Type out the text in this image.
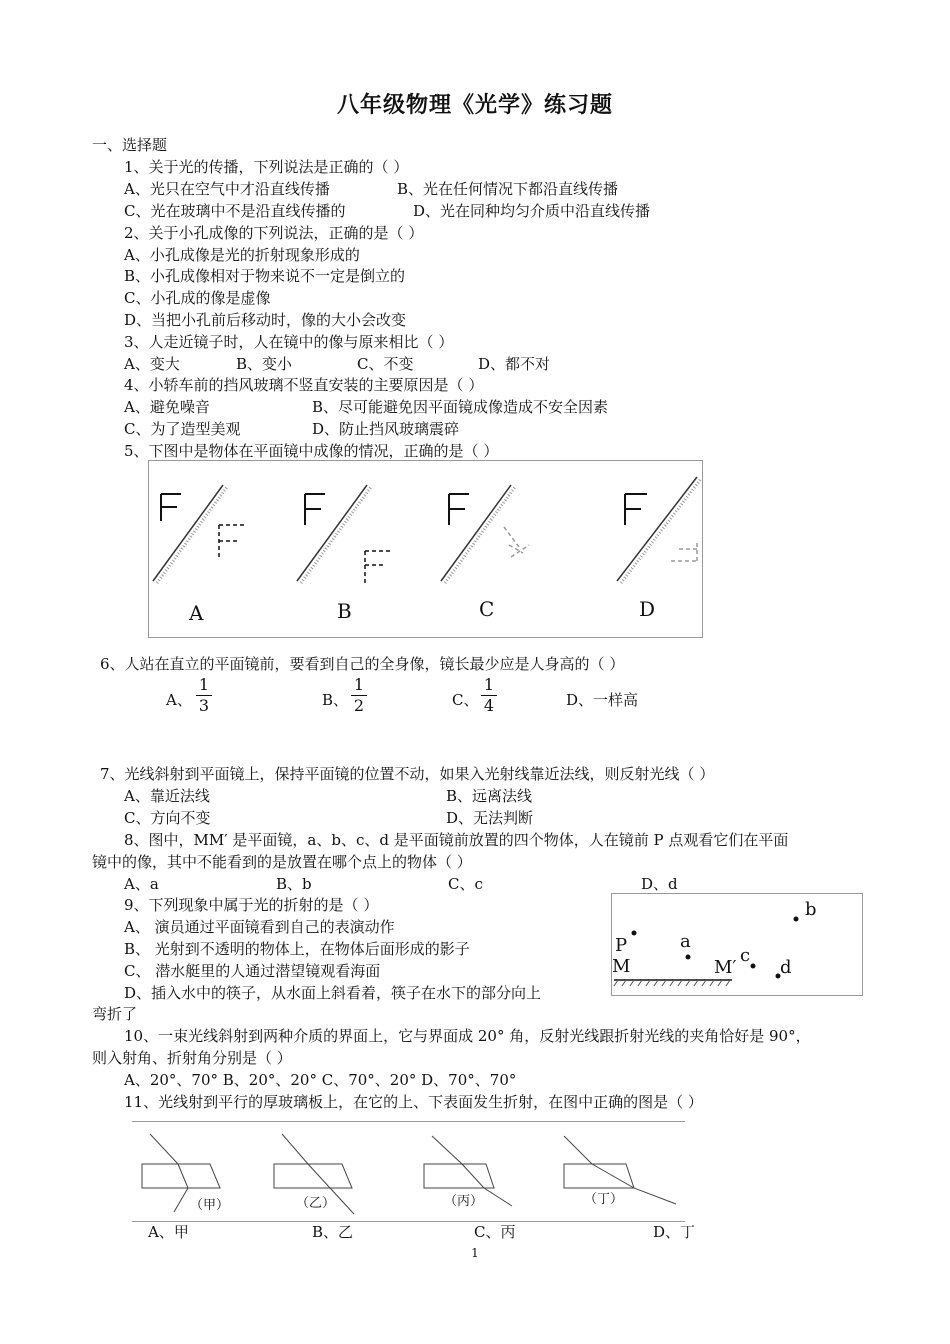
八年级物理《光学》练习题
一、选择题
1、关于光的传播，下列说法是正确的（ ）
A、光只在空气中才沿直线传播	B、光在任何情况下都沿直线传播
C、光在玻璃中不是沿直线传播的	D、光在同种均匀介质中沿直线传播
2、关于小孔成像的下列说法，正确的是（ ）
A、小孔成像是光的折射现象形成的
B、小孔成像相对于物来说不一定是倒立的
C、小孔成的像是虚像
D、当把小孔前后移动时，像的大小会改变
3、人走近镜子时，人在镜中的像与原来相比（ ）
A、变大	B、变小	C、不变	D、都不对
4、小轿车前的挡风玻璃不竖直安装的主要原因是（ ）
A、避免噪音	B、尽可能避免因平面镜成像造成不安全因素
C、为了造型美观	D、防止挡风玻璃震碎
5、下图中是物体在平面镜中成像的情况，正确的是（ ）
A	B	C	D
6、人站在直立的平面镜前，要看到自己的全身像，镜长最少应是人身高的（ ）
A、
1
3	B、
1
2	C、
1
4	D、一样高
7、光线斜射到平面镜上，保持平面镜的位置不动，如果入光射线靠近法线，则反射光线（ ）
A、靠近法线	B、远离法线
C、方向不变	D、无法判断
8、图中，MM′ 是平面镜，a、b、c、d 是平面镜前放置的四个物体，人在镜前 P 点观看它们在平面
镜中的像，其中不能看到的是放置在哪个点上的物体（ ）
A、a	B、b	C、c	D、d
b
P	a
c
M	M′ d
9、下列现象中属于光的折射的是（ ）
A、 演员通过平面镜看到自己的表演动作
B、 光射到不透明的物体上，在物体后面形成的影子
C、 潜水艇里的人通过潜望镜观看海面
D、插入水中的筷子，从水面上斜看着，筷子在水下的部分向上
弯折了
10、一束光线斜射到两种介质的界面上，它与界面成 20° 角，反射光线跟折射光线的夹角恰好是 90°，
则入射角、折射角分别是（ ）
A、20°、70° B、20°、20° C、70°、20° D、70°、70°
11、光线射到平行的厚玻璃板上，在它的上、下表面发生折射，在图中正确的图是（ ）
（甲）	（乙）	（丙）	（丁）
A、甲	B、乙	C、丙	D、丁
1
